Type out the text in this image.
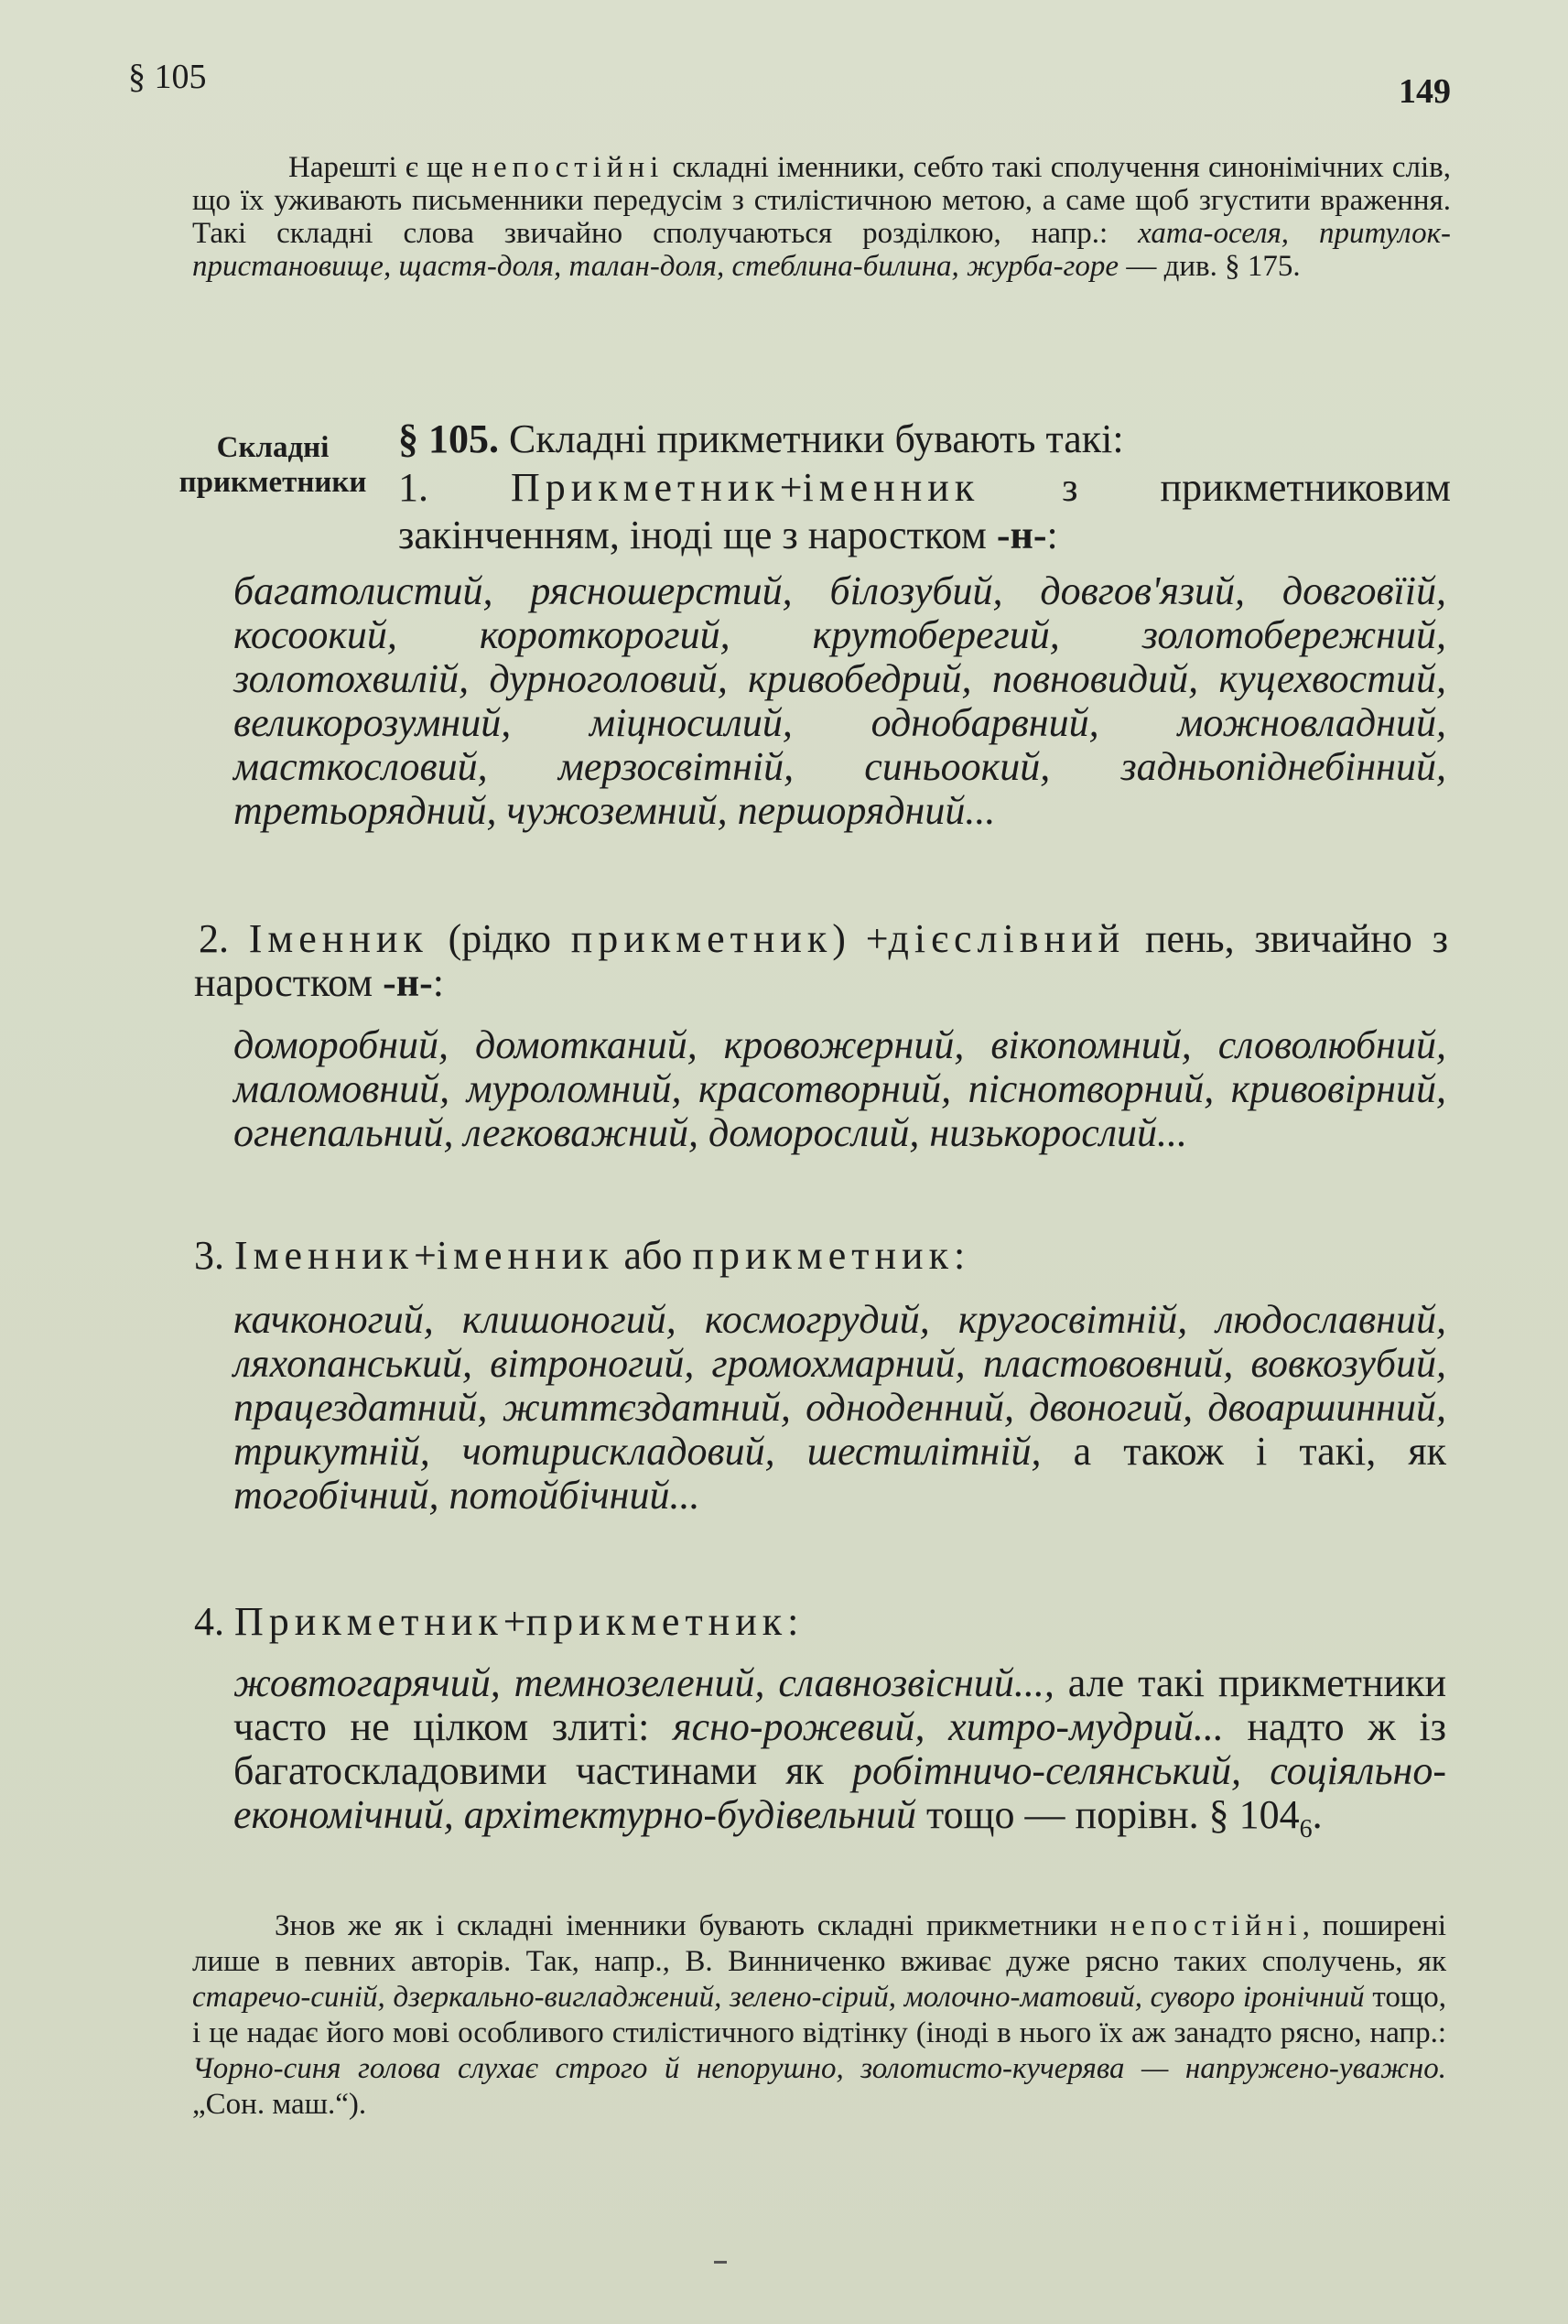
§ 105	149
Нарешті є ще непостійні складні іменники, себто такі сполучення синонімічних слів, що їх уживають письменники передусім з стилістичною метою, а саме щоб згустити враження. Такі складні слова звичайно сполучаються розділкою, напр.: хата-оселя, притулок-пристановище, щастя-доля, талан-доля, стеблина-билина, журба-горе — див. § 175.
Складні
прикметники
§ 105. Складні прикметники бувають такі:
1. Прикметник+іменник з прикметниковим закінченням, іноді ще з наростком -н-:
багатолистий, рясношерстий, білозубий, довгов'язий, довговїій, косоокий, короткорогий, крутоберегий, золотобережний, золотохвилій, дурноголовий, кривобедрий, повновидий, куцехвостий, великорозумний, міцносилий, однобарвний, можновладний, масткословий, мерзосвітній, синьоокий, задньопіднебінний, третьорядний, чужоземний, першорядний...
2. Іменник (рідко прикметник) +дієслівний пень, звичайно з наростком -н-:
доморобний, домотканий, кровожерний, вікопомний, словолюбний, маломовний, муроломний, красотворний, піснотворний, кривовірний, огнепальний, легковажний, доморослий, низькорослий...
3. Іменник+іменник або прикметник:
качконогий, клишоногий, космогрудий, кругосвітній, людославний, ляхопанський, вітроногий, громохмарний, пластововний, вовкозубий, працездатний, життєздатний, одноденний, двоногий, двоаршинний, трикутній, чотирискладовий, шестилітній, а також і такі, як тогобічний, потойбічний...
4. Прикметник+прикметник:
жовтогарячий, темнозелений, славнозвісний..., але такі прикметники часто не цілком злиті: ясно-рожевий, хитро-мудрий... надто ж із багатоскладовими частинами як робітничо-селянський, соціяльно-економічний, архітектурно-будівельний тощо — порівн. § $104_6$.
Знов же як і складні іменники бувають складні прикметники непостійні, поширені лише в певних авторів. Так, напр., В. Винниченко вживає дуже рясно таких сполучень, як старечо-синій, дзеркально-вигладжений, зелено-сірий, молочно-матовий, суворо іронічний тощо, і це надає його мові особливого стилістичного відтінку (іноді в нього їх аж занадто рясно, напр.: Чорно-синя голова слухає строго й непорушно, золотисто-кучерява — напружено-уважно. „Сон. маш.“).
